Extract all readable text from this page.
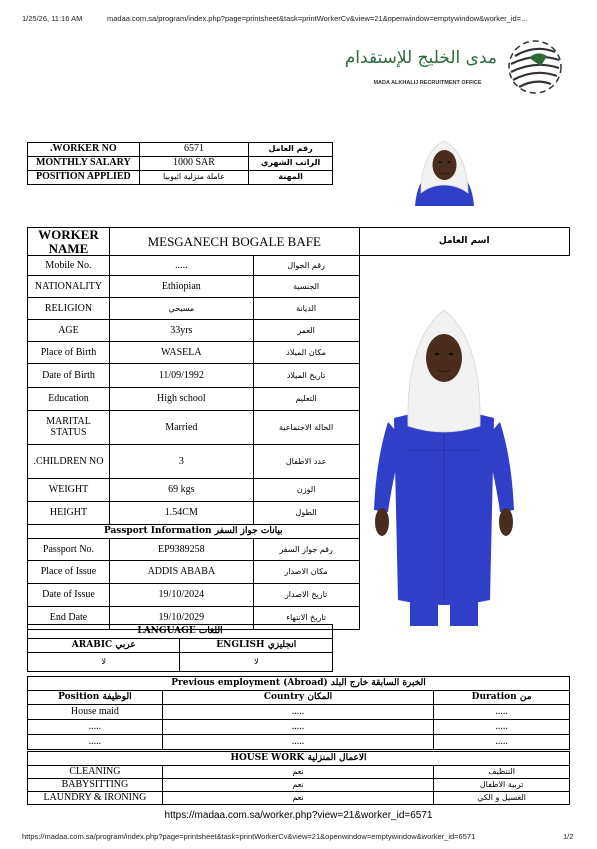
1/25/26, 11:16 AM	madaa.com.sa/program/index.php?page=printsheet&task=printWorkerCv&view=21&openwindow=emptywindow&worker_id=...
مدى الخليج للإستقدام
MADA ALKHALIJ RECRUITMENT OFFICE
.WORKER NO	6571	رقم العامل
MONTHLY SALARY	1000 SAR	الراتب الشهري
POSITION APPLIED	عاملة منزلية اثيوبيا	المهنة
WORKER NAME	MESGANECH BOGALE BAFE		اسم العامل
Mobile No.	.....	رقم الجوال	
NATIONALITY	Ethiopian	الجنسية	
RELIGION	مسيحي	الديانة	
AGE	33yrs	العمر	
Place of Birth	WASELA	مكان الميلاد	
Date of Birth	11/09/1992	تاريخ الميلاد	
Education	High school	التعليم	
MARITAL STATUS	Married	الحالة الاجتماعية	
.CHILDREN NO	3	عدد الاطفال	
WEIGHT	69 kgs	الوزن	
HEIGHT	1.54CM	الطول	
Passport Information بيانات جواز السفر			
Passport No.	EP9389258	رقم جواز السفر	
Place of Issue	ADDIS ABABA	مكان الاصدار	
Date of Issue	19/10/2024	تاريخ الاصدار	
End Date	19/10/2029	تاريخ الانتهاء	
LANGUAGE اللغات	
ARABIC عربي	ENGLISH انجليزي
لا	لا
Previous employment (Abroad) الخبرة السابقة خارج البلد		
Position الوظيفة	Country المكان	Duration من
House maid	.....	.....
.....	.....	.....
.....	.....	.....
HOUSE WORK الاعمال المنزلية		
CLEANING	نعم	التنظيف
BABYSITTING	نعم	تربية الاطفال
LAUNDRY & IRONING	نعم	الغسيل و الكي
https://madaa.com.sa/worker.php?view=21&worker_id=6571
https://madaa.com.sa/program/index.php?page=printsheet&task=printWorkerCv&view=21&openwindow=emptywindow&worker_id=6571	1/2
